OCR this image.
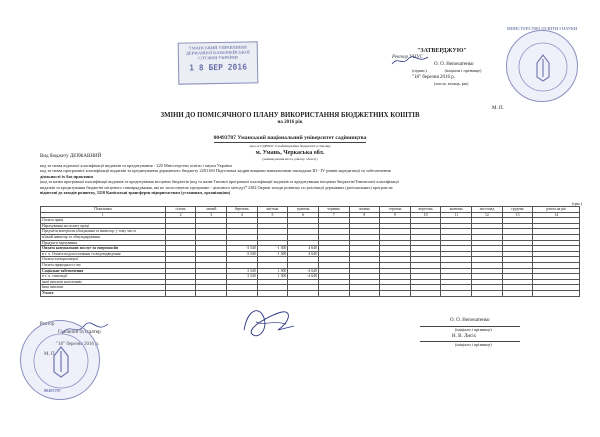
УМАНСЬКИЙ УПРАВЛІННЯ
ДЕРЖАВНОЇ КАЗНАЧЕЙСЬКОЇ
СЛУЖБИ УКРАЇНИ
1 8 БЕР 2016
"ЗАТВЕРДЖУЮ"
Ректор УНУС
О. О. Непочатенко
(підпис)	(ініціали і прізвище)
"18" березня 2016 р.
(число, місяць, рік)
М. П.
МІНІСТЕРСТВО ОСВІТИ І НАУКИ
ЗМІНИ ДО ПОМІСЯЧНОГО ПЛАНУ ВИКОРИСТАННЯ БЮДЖЕТНИХ КОШТІВ
на 2016 рік
00493787 Уманський національний університет садівництва
(код за ЄДРПОУ та найменування бюджетної установи)
м. Умань, Черкаська обл.
(найменування міста, району, області)
Вид бюджету ДЕРЖАВНИЙ
код та назва відомчої класифікації видатків та кредитування - 220 Міністерство освіти і науки України
код та назва програмної класифікації видатків та кредитування державного бюджету 2201160 Підготовка кадрів вищими навчальними закладами III - IV рівнів акредитації та забезпечення
діяльності їх баз практики
(код та назва програмної класифікації видатків та кредитування місцевих бюджетів (код та назва Типової програмної класифікації видатків та кредитування місцевих бюджетів/Тимчасової класифікації
видатків та кредитування бюджетів місцевого самоврядування, які не застосовують програмно - цільового методу)* 2282 Окремі заходи розвитку по реалізації державних (регіональних) програм не
віднесені до заходів розвитку, 3210 Капітальні трансферти підприємствам (установам, організаціям)
(грн.)
Показники	січень	лютий	березень	квітень	травень	червень	липень	серпень	вересень	жовтень	листопад	грудень	разом на рік
1	2	3	4	5	6	7	8	9	10	11	12	13	14
Оплата праці													
Нарахування на оплату праці													
Предмети,матеріали,обладнання та інвентар, у тому числі													
м'який інвентар та обмундирування													
Продукти харчування													
Оплата комунальних послуг та енергоносіїв			-3 340	-1 300	4 640								
в т. ч. Оплата водопостачання та водовідведення			-3 340	-1 300	4 640								
Оплата електроенергії													
Оплата природного газу													
Соціальне забезпечення			3 340	1 300	-4 640								
в т. ч. стипендії			3 340	1 300	-4 640								
інші виплати населенню													
Інші виплати													
Усього													
Ректор
О. О. Непочатенко
(ініціали і прізвище)
Головний бухгалтер
Н. В. Лисіх
(ініціали і прізвище)
"18" березня 2016 р.
М. П.
00493787
